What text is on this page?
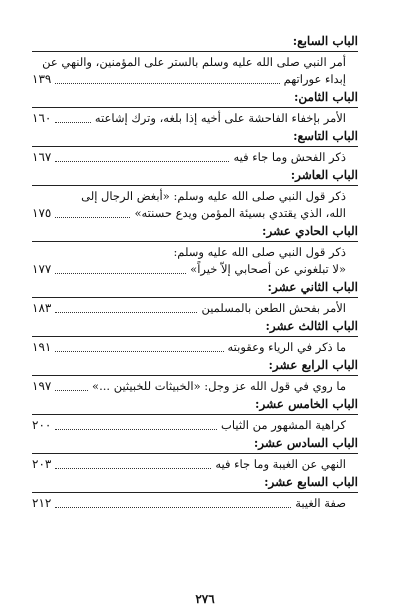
الباب السابع:
أمر النبي صلى الله عليه وسلم بالستر على المؤمنين، والنهي عن
إبداء عوراتهم
١٣٩
الباب الثامن:
الأمر بإخفاء الفاحشة على أخيه إذا بلغه، وترك إشاعته
١٦٠
الباب التاسع:
ذكر الفحش وما جاء فيه
١٦٧
الباب العاشر:
ذكر قول النبي صلى الله عليه وسلم: «أبغض الرجال إلى
الله، الذي يقتدي بسيئة المؤمن ويدع حسنته»
١٧٥
الباب الحادي عشر:
ذكر قول النبي صلى الله عليه وسلم:
«لا تبلغوني عن أصحابي إلاّ خيراً»
١٧٧
الباب الثاني عشر:
الأمر بفحش الطعن بالمسلمين
١٨٣
الباب الثالث عشر:
ما ذكر في الرياء وعقوبته
١٩١
الباب الرابع عشر:
ما روي في قول الله عز وجل: «الخبيثات للخبيثين ...»
١٩٧
الباب الخامس عشر:
كراهية المشهور من الثياب
٢٠٠
الباب السادس عشر:
النهي عن الغيبة وما جاء فيه
٢٠٣
الباب السابع عشر:
صفة الغيبة
٢١٢
٢٧٦
